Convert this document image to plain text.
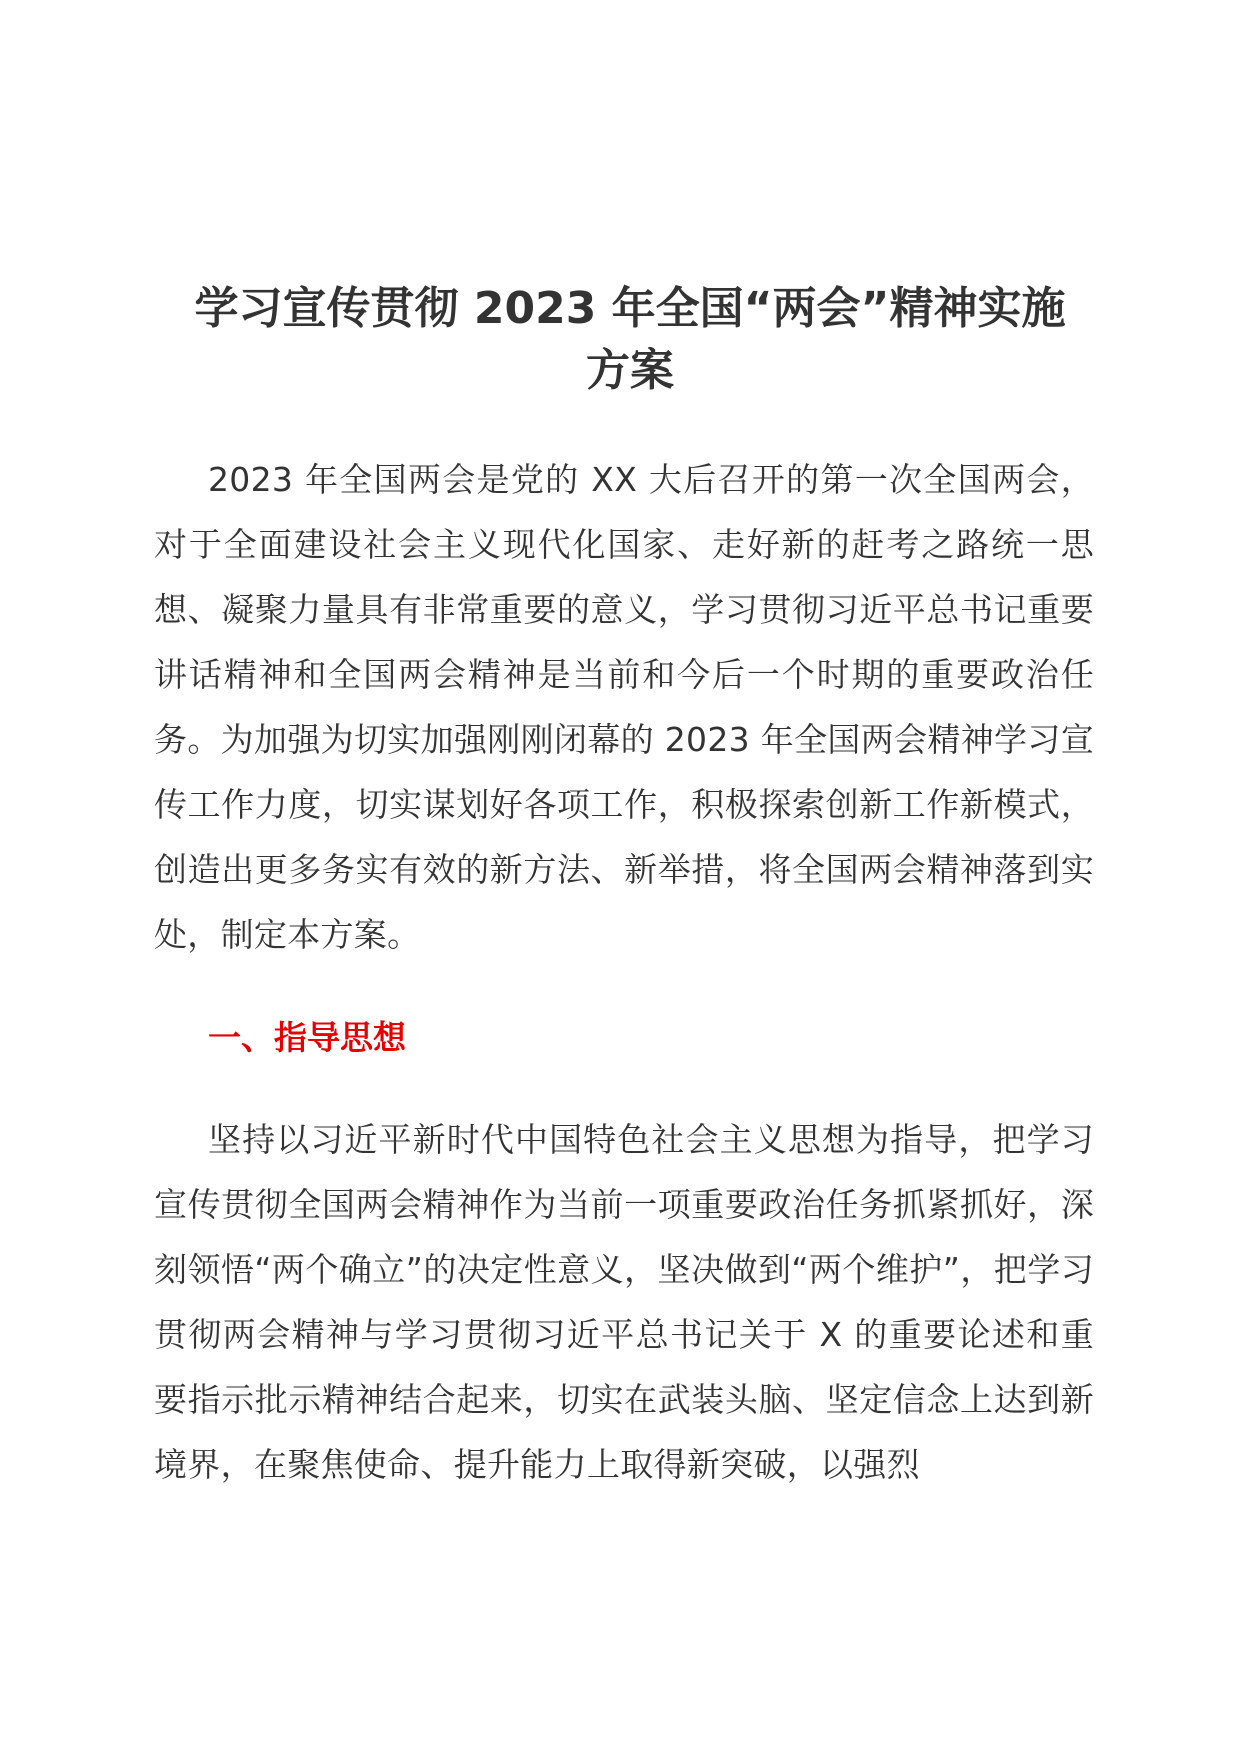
学习宣传贯彻 2023 年全国“两会”精神实施方案

2023 年全国两会是党的 XX 大后召开的第一次全国两会，对于全面建设社会主义现代化国家、走好新的赶考之路统一思想、凝聚力量具有非常重要的意义，学习贯彻习近平总书记重要讲话精神和全国两会精神是当前和今后一个时期的重要政治任务。为加强为切实加强刚刚闭幕的 2023 年全国两会精神学习宣传工作力度，切实谋划好各项工作，积极探索创新工作新模式，创造出更多务实有效的新方法、新举措，将全国两会精神落到实处，制定本方案。

一、指导思想

坚持以习近平新时代中国特色社会主义思想为指导，把学习宣传贯彻全国两会精神作为当前一项重要政治任务抓紧抓好，深刻领悟“两个确立”的决定性意义，坚决做到“两个维护”，把学习贯彻两会精神与学习贯彻习近平总书记关于 X 的重要论述和重要指示批示精神结合起来，切实在武装头脑、坚定信念上达到新境界，在聚焦使命、提升能力上取得新突破，以强烈
